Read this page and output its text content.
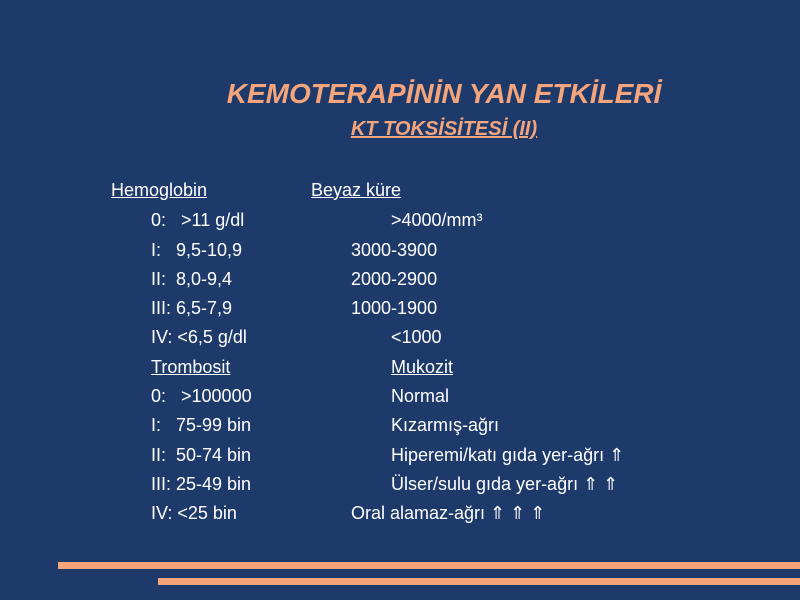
KEMOTERAPİNİN YAN ETKİLERİ
KT TOKSİSİTESİ (II)
Hemoglobin	Beyaz küre
0:   >11 g/dl
I:   9,5-10,9
II:  8,0-9,4
III: 6,5-7,9
IV: <6,5 g/dl
>4000/mm³
3000-3900
2000-2900
1000-1900
<1000
Trombosit	Mukozit
0:   >100000
I:   75-99 bin
II:  50-74 bin
III: 25-49 bin
IV: <25 bin
Normal
Kızarmış-ağrı
Hiperemi/katı gıda yer-ağrı ⇑
Ülser/sulu gıda yer-ağrı ⇑ ⇑
Oral alamaz-ağrı ⇑ ⇑ ⇑
